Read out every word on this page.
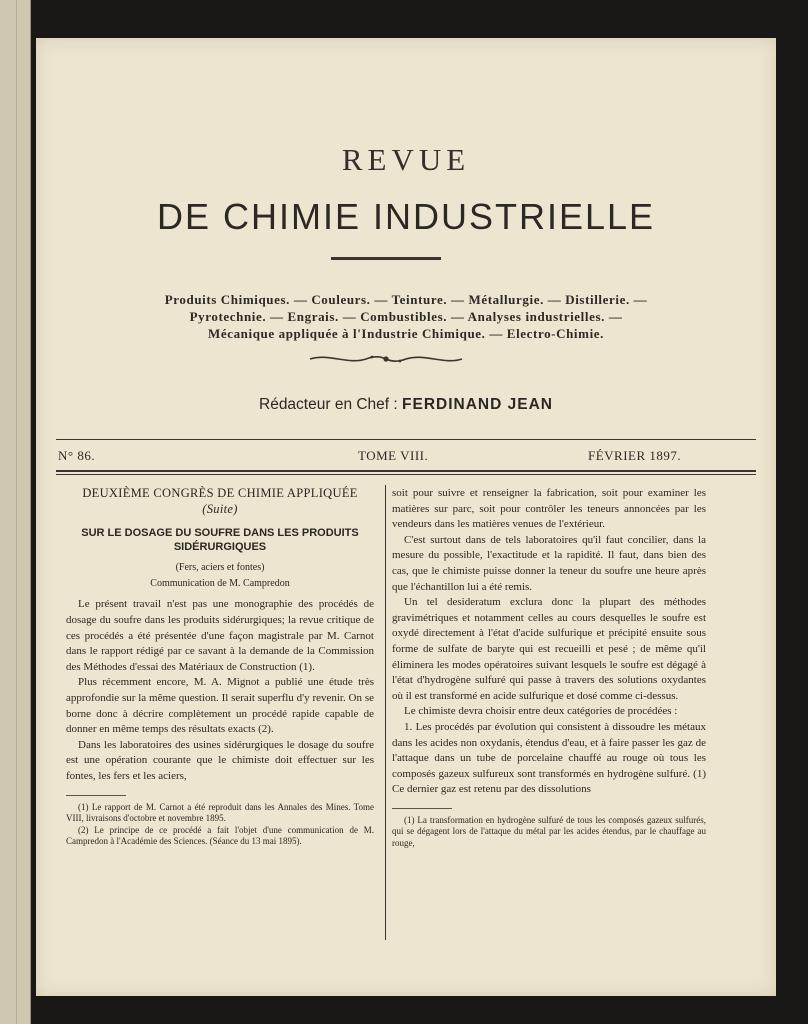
REVUE
DE CHIMIE INDUSTRIELLE
Produits Chimiques. — Couleurs. — Teinture. — Métallurgie. — Distillerie. —
Pyrotechnie. — Engrais. — Combustibles. — Analyses industrielles. —
Mécanique appliquée à l'Industrie Chimique. — Electro-Chimie.
Rédacteur en Chef : FERDINAND JEAN
N° 86.	TOME VIII.	FÉVRIER 1897.
DEUXIÈME CONGRÈS DE CHIMIE APPLIQUÉE
(Suite)
SUR LE DOSAGE DU SOUFRE DANS LES PRODUITS
SIDÉRURGIQUES
(Fers, aciers et fontes)
Communication de M. Campredon

Le présent travail n'est pas une monographie des procédés de dosage du soufre dans les produits sidérurgiques; la revue critique de ces procédés a été présentée d'une façon magistrale par M. Carnot dans le rapport rédigé par ce savant à la demande de la Commission des Méthodes d'essai des Matériaux de Construction (1).

Plus récemment encore, M. A. Mignot a publié une étude très approfondie sur la même question. Il serait superflu d'y revenir. On se borne donc à décrire complètement un procédé rapide capable de donner en même temps des résultats exacts (2).

Dans les laboratoires des usines sidérurgiques le dosage du soufre est une opération courante que le chimiste doit effectuer sur les fontes, les fers et les aciers,

(1) Le rapport de M. Carnot a été reproduit dans les Annales des Mines. Tome VIII, livraisons d'octobre et novembre 1895.

(2) Le principe de ce procédé a fait l'objet d'une communication de M. Campredon à l'Académie des Sciences. (Séance du 13 mai 1895).

soit pour suivre et renseigner la fabrication, soit pour examiner les matières sur parc, soit pour contrôler les teneurs annoncées par les vendeurs dans les matières venues de l'extérieur.

C'est surtout dans de tels laboratoires qu'il faut concilier, dans la mesure du possible, l'exactitude et la rapidité. Il faut, dans bien des cas, que le chimiste puisse donner la teneur du soufre une heure après que l'échantillon lui a été remis.

Un tel desideratum exclura donc la plupart des méthodes gravimétriques et notamment celles au cours desquelles le soufre est oxydé directement à l'état d'acide sulfurique et précipité ensuite sous forme de sulfate de baryte qui est recueilli et pesé ; de même qu'il éliminera les modes opératoires suivant lesquels le soufre est dégagé à l'état d'hydrogène sulfuré qui passe à travers des solutions oxydantes où il est transformé en acide sulfurique et dosé comme ci-dessus.

Le chimiste devra choisir entre deux catégories de procédées :

1. Les procédés par évolution qui consistent à dissoudre les métaux dans les acides non oxydanis, étendus d'eau, et à faire passer les gaz de l'attaque dans un tube de porcelaine chauffé au rouge où tous les composés gazeux sulfureux sont transformés en hydrogène sulfuré. (1) Ce dernier gaz est retenu par des dissolutions

(1) La transformation en hydrogène sulfuré de tous les composés gazeux sulfurés, qui se dégagent lors de l'attaque du métal par les acides étendus, par le chauffage au rouge,
